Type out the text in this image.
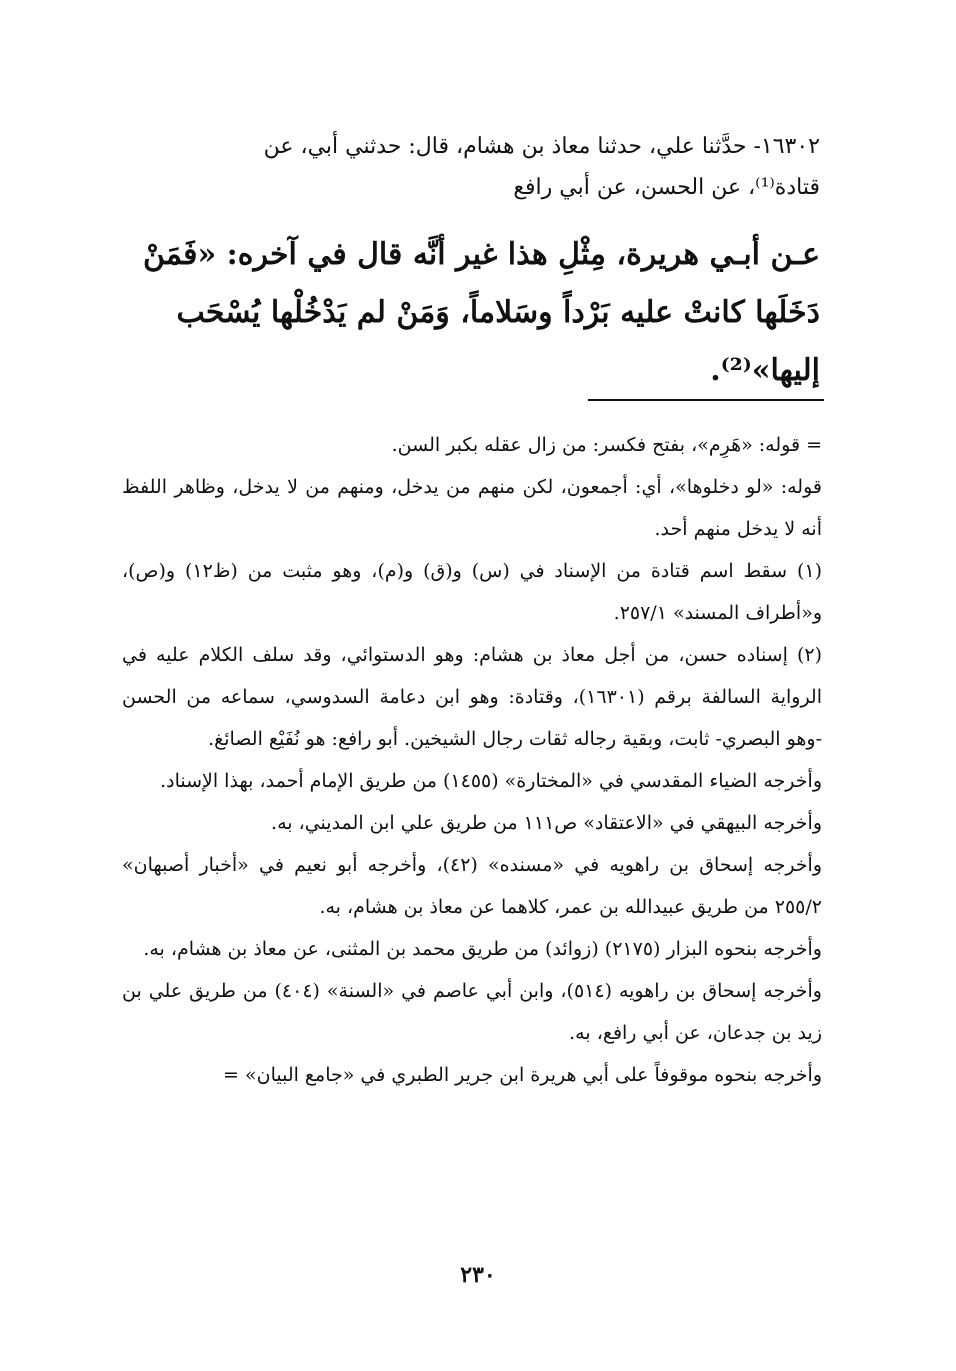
١٦٣٠٢- حدَّثنا علي، حدثنا معاذ بن هشام، قال: حدثني أبي، عن

قتادة⁽¹⁾، عن الحسن، عن أبي رافع

عـن أبـي هريرة، مِثْلِ هذا غير أنَّه قال في آخره: «فَمَنْ

دَخَلَها كانتْ عليه بَرْداً وسَلاماً، وَمَنْ لم يَدْخُلْها يُسْحَب

إليها»⁽²⁾.

= قوله: «هَرِم»، بفتح فكسر: من زال عقله بكبر السن.

قوله: «لو دخلوها»، أي: أجمعون، لكن منهم من يدخل، ومنهم من لا يدخل، وظاهر اللفظ أنه لا يدخل منهم أحد.

(١) سقط اسم قتادة من الإسناد في (س) و(ق) و(م)، وهو مثبت من (ظ١٢) و(ص)، و«أطراف المسند» ٢٥٧/١.

(٢) إسناده حسن، من أجل معاذ بن هشام: وهو الدستوائي، وقد سلف الكلام عليه في الرواية السالفة برقم (١٦٣٠١)، وقتادة: وهو ابن دعامة السدوسي، سماعه من الحسن -وهو البصري- ثابت، وبقية رجاله ثقات رجال الشيخين. أبو رافع: هو نُفَيْع الصائغ.

وأخرجه الضياء المقدسي في «المختارة» (١٤٥٥) من طريق الإمام أحمد، بهذا الإسناد.

وأخرجه البيهقي في «الاعتقاد» ص١١١ من طريق علي ابن المديني، به.

وأخرجه إسحاق بن راهويه في «مسنده» (٤٢)، وأخرجه أبو نعيم في «أخبار أصبهان» ٢٥٥/٢ من طريق عبيدالله بن عمر، كلاهما عن معاذ بن هشام، به.

وأخرجه بنحوه البزار (٢١٧٥) (زوائد) من طريق محمد بن المثنى، عن معاذ بن هشام، به.

وأخرجه إسحاق بن راهويه (٥١٤)، وابن أبي عاصم في «السنة» (٤٠٤) من طريق علي بن زيد بن جدعان، عن أبي رافع، به.

وأخرجه بنحوه موقوفاً على أبي هريرة ابن جرير الطبري في «جامع البيان» =

٢٣٠
